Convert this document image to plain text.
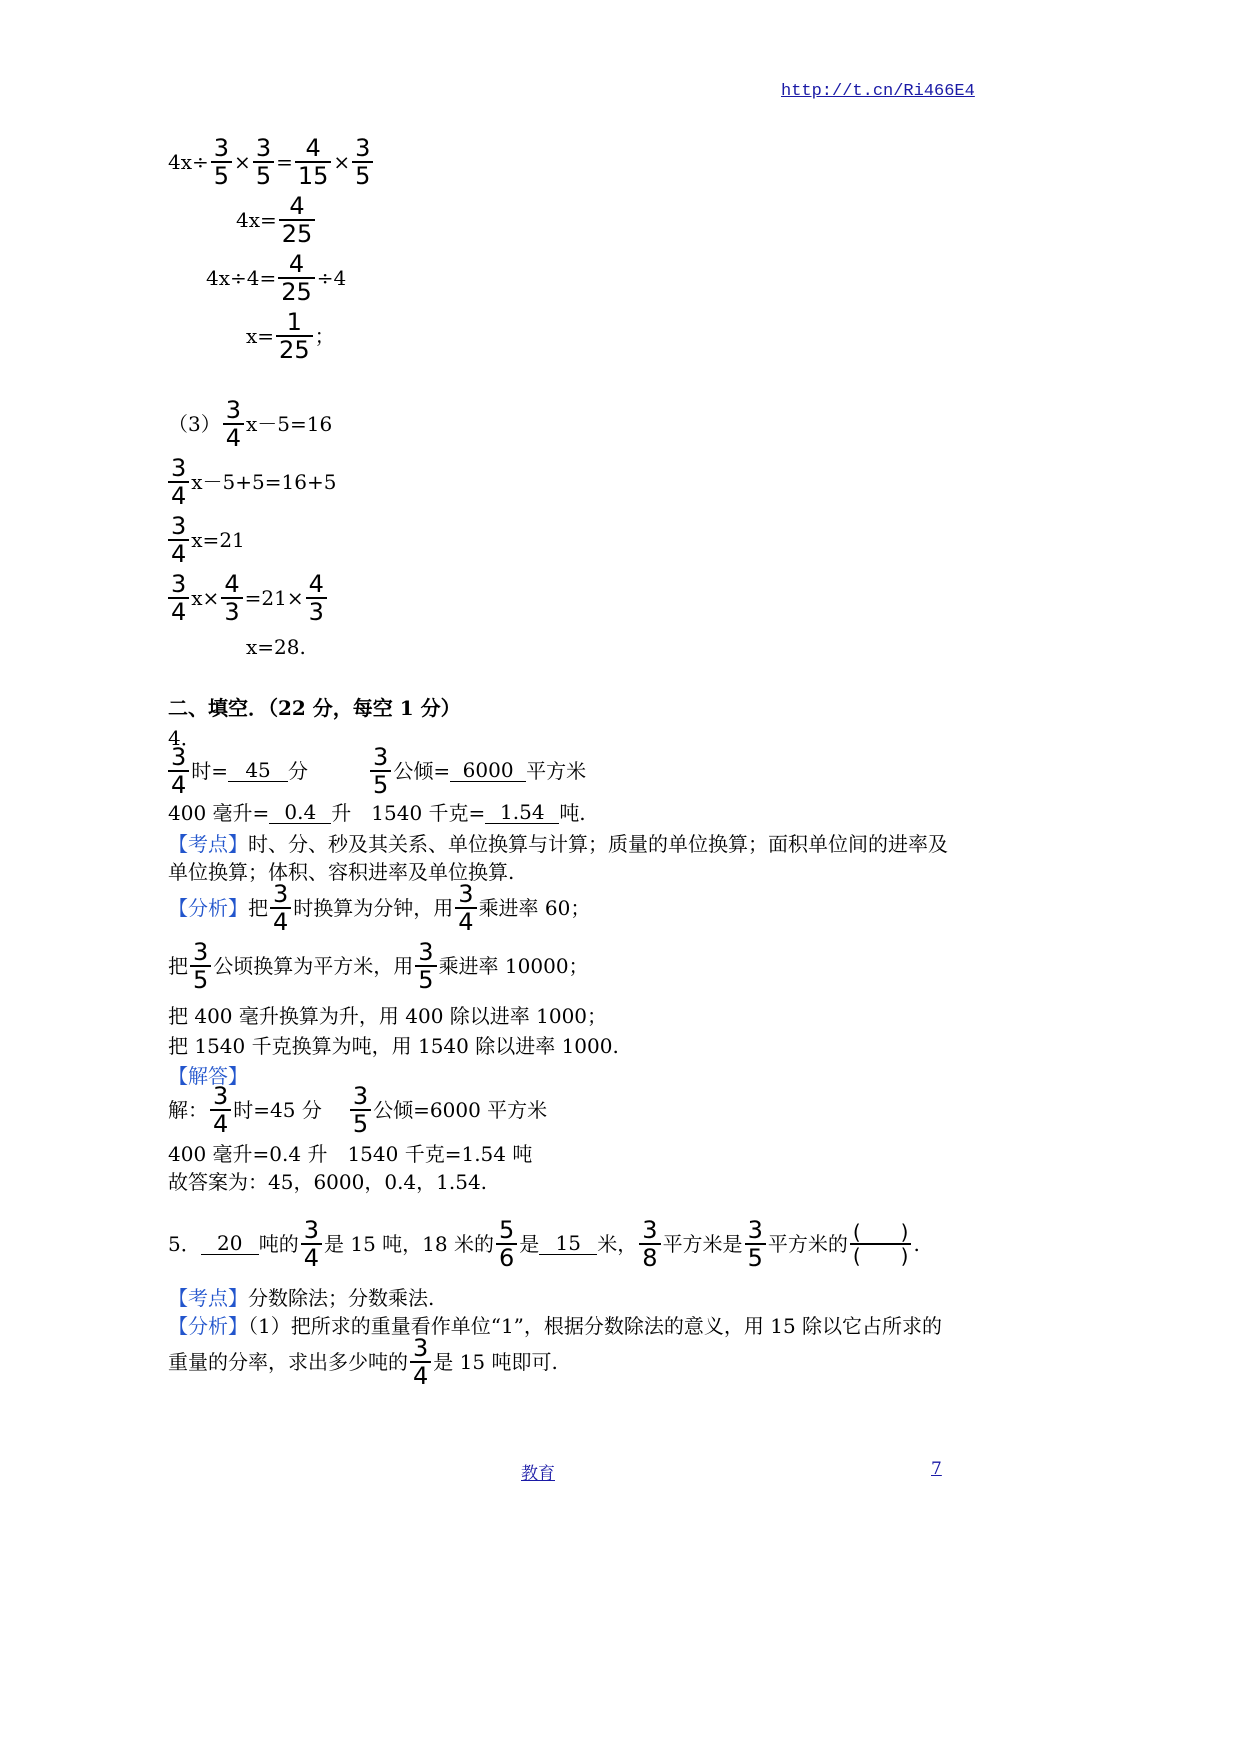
http://t.cn/Ri466E4
$4x\div \frac{3}{5} \times \frac{3}{5} = \frac{4}{15} \times \frac{3}{5}$
$4x= \frac{4}{25}$
$4x\div 4= \frac{4}{25} \div 4$
$x= \frac{1}{25}$ ；
$(3) \frac{3}{4} x-5=16$
$\frac{3}{4} x-5+5=16+5$
$\frac{3}{4} x=21$
$\frac{3}{4} x\times \frac{4}{3} =21\times \frac{4}{3}$
x=28.
二、填空．（22 分，每空 1 分）
4．
$\frac{3}{4}$ 时= 45 分	$\frac{3}{5}$ 公倾= 6000 平方米
400 毫升= 0.4 升　1540 千克= 1.54 吨.
【考点】时、分、秒及其关系、单位换算与计算；质量的单位换算；面积单位间的进率及
单位换算；体积、容积进率及单位换算.
【分析】 把 $\frac{3}{4}$ 时换算为分钟，用 $\frac{3}{4}$ 乘进率 60；
把 $\frac{3}{5}$ 公顷换算为平方米，用 $\frac{3}{5}$ 乘进率 10000；
把 400 毫升换算为升，用 400 除以进率 1000；
把 1540 千克换算为吨，用 1540 除以进率 1000.
【解答】
解： $\frac{3}{4}$ 时=45 分　 $\frac{3}{5}$ 公倾=6000 平方米
400 毫升=0.4 升　1540 千克=1.54 吨
故答案为：45，6000，0.4，1.54.
5． 20 吨的 $\frac{3}{4}$ 是 15 吨，18 米的 $\frac{5}{6}$ 是 15 米， $\frac{3}{8}$ 平方米是 $\frac{3}{5}$ 平方米的 $\frac{( )}{( )}$ .
【考点】分数除法；分数乘法.
【分析】（1）把所求的重量看作单位“1”，根据分数除法的意义，用 15 除以它占所求的
重量的分率，求出多少吨的 $\frac{3}{4}$ 是 15 吨即可.
教育	7
